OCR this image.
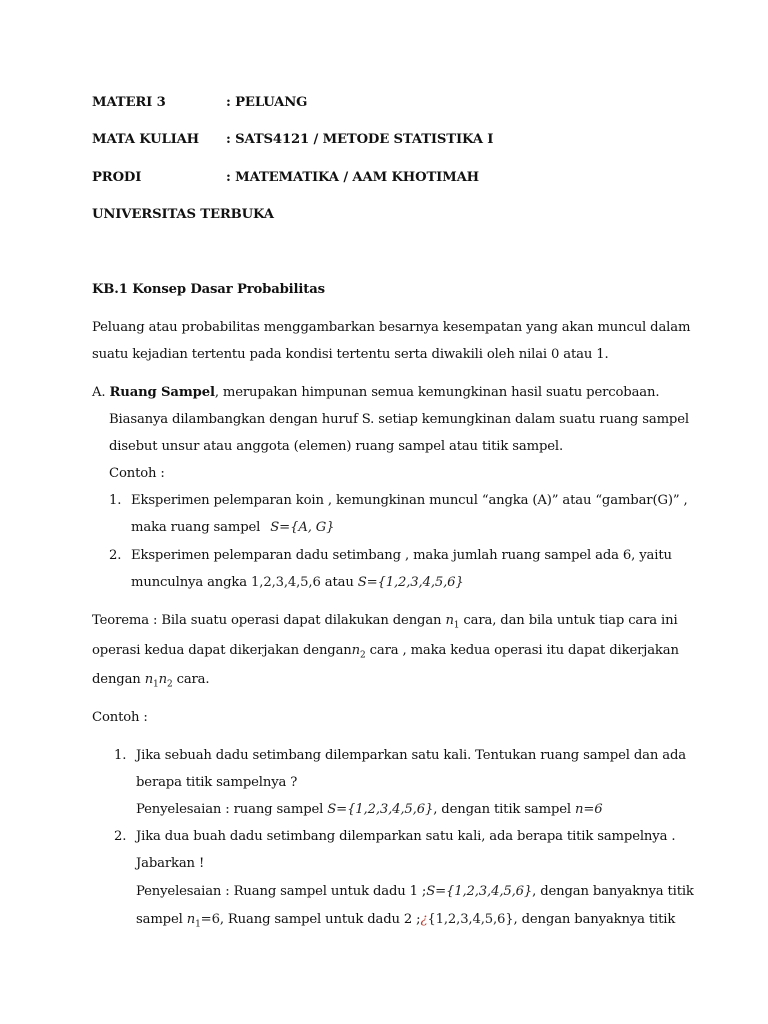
MATERI 3	: PELUANG
MATA KULIAH : SATS4121 / METODE STATISTIKA I
PRODI	: MATEMATIKA / AAM KHOTIMAH
UNIVERSITAS TERBUKA
KB.1 Konsep Dasar Probabilitas
Peluang atau probabilitas menggambarkan besarnya kesempatan yang akan muncul dalam
suatu kejadian tertentu pada kondisi tertentu serta diwakili oleh nilai 0 atau 1.
A. Ruang Sampel, merupakan himpunan semua kemungkinan hasil suatu percobaan.
Biasanya dilambangkan dengan huruf S. setiap kemungkinan dalam suatu ruang sampel
disebut unsur atau anggota (elemen) ruang sampel atau titik sampel.
Contoh :
1. Eksperimen pelemparan koin , kemungkinan muncul “angka (A)” atau “gambar(G)” ,
maka ruang sampel S={A, G}
2. Eksperimen pelemparan dadu setimbang , maka jumlah ruang sampel ada 6, yaitu
munculnya angka 1,2,3,4,5,6 atau S={1,2,3,4,5,6}
Teorema : Bila suatu operasi dapat dilakukan dengan $n_1$ cara, dan bila untuk tiap cara ini
operasi kedua dapat dikerjakan dengann$_2$ cara , maka kedua operasi itu dapat dikerjakan
dengan $n_1n_2$ cara.
Contoh :
1. Jika sebuah dadu setimbang dilemparkan satu kali. Tentukan ruang sampel dan ada
berapa titik sampelnya ?
Penyelesaian : ruang sampel S={1,2,3,4,5,6}, dengan titik sampel n=6
2. Jika dua buah dadu setimbang dilemparkan satu kali, ada berapa titik sampelnya .
Jabarkan !
Penyelesaian : Ruang sampel untuk dadu 1 ;S={1,2,3,4,5,6}, dengan banyaknya titik
sampel $n_1=6$, Ruang sampel untuk dadu 2 ;¿{1,2,3,4,5,6}, dengan banyaknya titik
